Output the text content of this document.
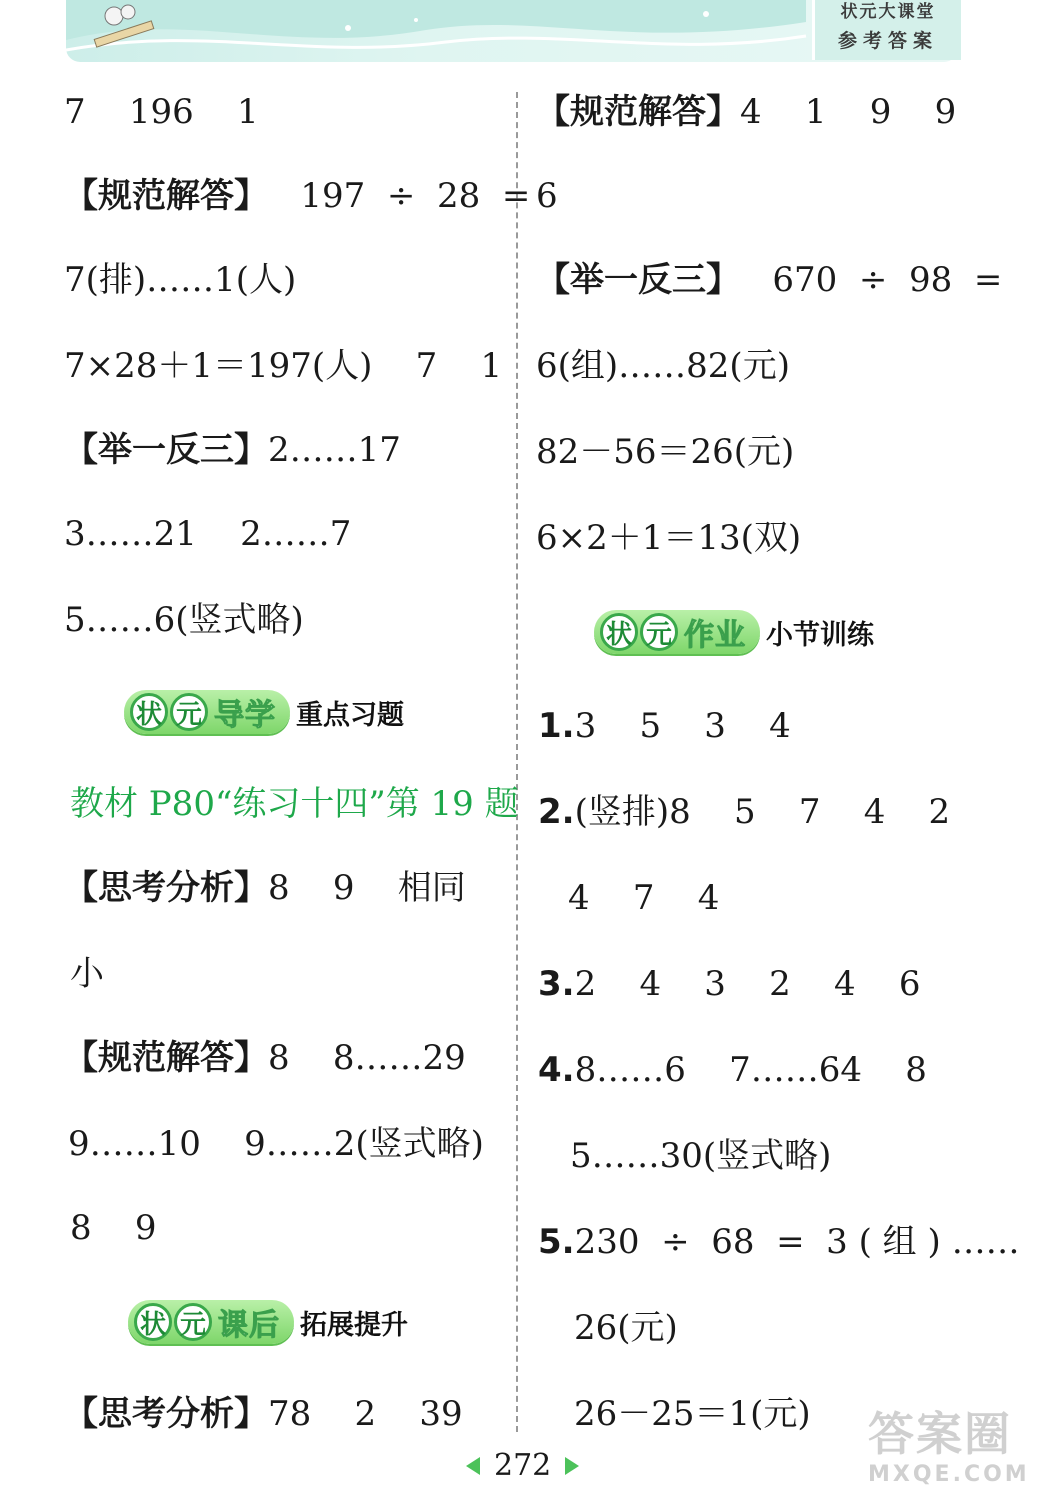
状元大课堂
参考答案
7    196    1
【规范解答】   197  ÷  28  =
7(排)……1(人)
7×28＋1＝197(人)    7    1
【举一反三】2……17
3……21    2……7
5……6(竖式略)
状 元 导学 重点习题
教材 P80“练习十四”第 19 题
【思考分析】8    9    相同
小
【规范解答】8    8……29
9……10    9……2(竖式略)
8    9
状 元 课后 拓展提升
【思考分析】78    2    39
【规范解答】4    1    9    9
6
【举一反三】   670  ÷  98  =
6(组)……82(元)
82－56＝26(元)
6×2＋1＝13(双)
状 元 作业 小节训练
1.3    5    3    4
2.(竖排)8    5    7    4    2
4    7    4
3.2    4    3    2    4    6
4.8……6    7……64    8
5……30(竖式略)
5.230  ÷  68  =  3 ( 组 ) ……
26(元)
26－25＝1(元)
272
答案圈
MXQE.COM
